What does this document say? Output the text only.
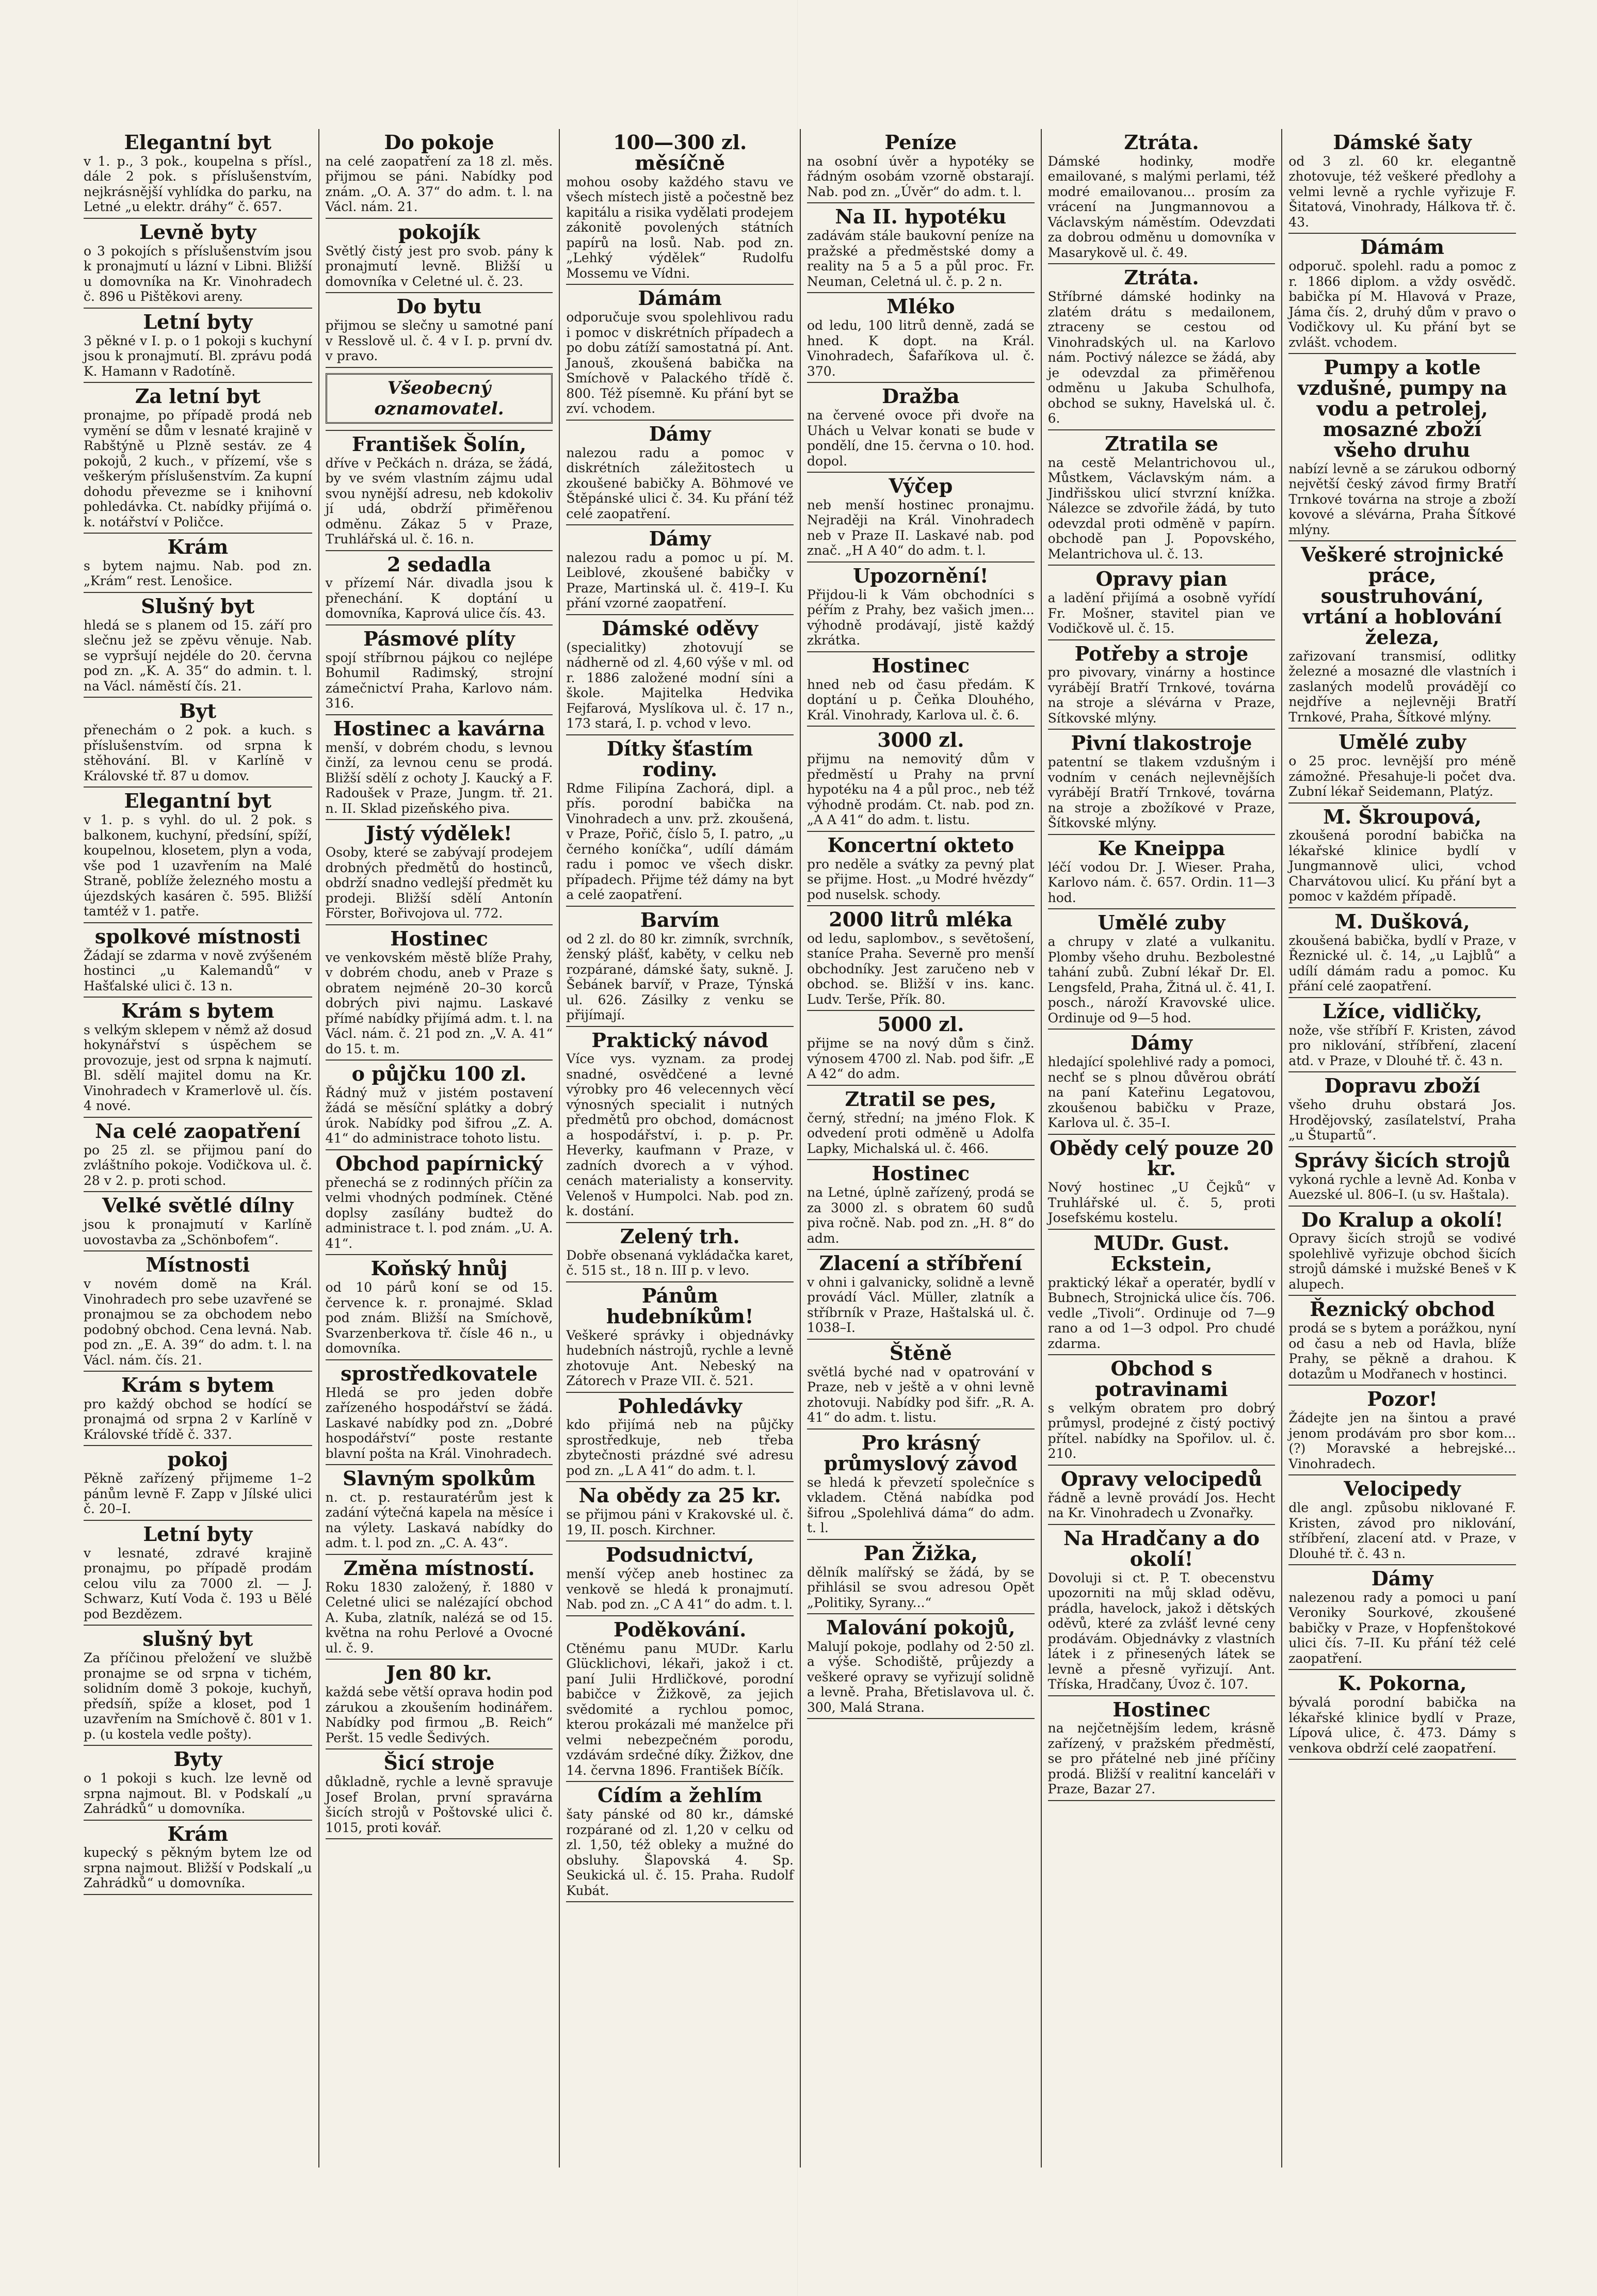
Elegantní byt

v 1. p., 3 pok., koupelna s přísl., dále 2 pok. s příslušenstvím, nejkrásnější vyhlídka do parku, na Letné „u elektr. dráhy“ č. 657.

Levně byty

o 3 pokojích s příslušenstvím jsou k pronajmutí u lázní v Libni. Bližší u domovníka na Kr. Vinohradech č. 896 u Pištěkovi areny.

Letní byty

3 pěkné v I. p. o 1 pokoji s kuchyní jsou k pronajmutí. Bl. zprávu podá K. Hamann v Radotíně.

Za letní byt

pronajme, po případě prodá neb vymění se dům v lesnaté krajině v Rabštýně u Plzně sestáv. ze 4 pokojů, 2 kuch., v přízemí, vše s veškerým příslušenstvím. Za kupní dohodu převezme se i knihovní pohledávka. Ct. nabídky přijímá o. k. notářství v Poličce.

Krám

s bytem najmu. Nab. pod zn. „Krám“ rest. Lenošice.

Slušný byt

hledá se s planem od 15. září pro slečnu jež se zpěvu věnuje. Nab. se vypršují nejdéle do 20. června pod zn. „K. A. 35“ do admin. t. l. na Václ. náměstí čís. 21.

Byt

přenechám o 2 pok. a kuch. s příslušenstvím. od srpna k stěhování. Bl. v Karlíně v Královské tř. 87 u domov.

Elegantní byt

v 1. p. s vyhl. do ul. 2 pok. s balkonem, kuchyní, předsíní, spíží, koupelnou, klosetem, plyn a voda, vše pod 1 uzavřením na Malé Straně, poblíže železného mostu a újezdských kasáren č. 595. Bližší tamtéž v 1. patře.

spolkové místnosti

Žádají se zdarma v nově zvýšeném hostinci „u Kalemandů“ v Hašťalské ulici č. 13 n.

Krám s bytem

s velkým sklepem v němž až dosud hokynářství s úspěchem se provozuje, jest od srpna k najmutí. Bl. sdělí majitel domu na Kr. Vinohradech v Kramerlově ul. čís. 4 nové.

Na celé zaopatření

po 25 zl. se přijmou paní do zvláštního pokoje. Vodičkova ul. č. 28 v 2. p. proti schod.

Velké světlé dílny

jsou k pronajmutí v Karlíně uovostavba za „Schönbofem“.

Místnosti

v novém domě na Král. Vinohradech pro sebe uzavřené se pronajmou se za obchodem nebo podobný obchod. Cena levná. Nab. pod zn. „E. A. 39“ do adm. t. l. na Václ. nám. čís. 21.

Krám s bytem

pro každý obchod se hodící se pronajmá od srpna 2 v Karlíně v Královské třídě č. 337.

pokoj

Pěkně zařízený přijmeme 1–2 pánům levně F. Zapp v Jílské ulici č. 20–I.

Letní byty

v lesnaté, zdravé krajině pronajmu, po případě prodám celou vilu za 7000 zl. — J. Schwarz, Kutí Voda č. 193 u Bělé pod Bezdězem.

slušný byt

Za příčinou přeložení ve službě pronajme se od srpna v tichém, solidním domě 3 pokoje, kuchyň, předsíň, spíže a kloset, pod 1 uzavřením na Smíchově č. 801 v 1. p. (u kostela vedle pošty).

Byty

o 1 pokoji s kuch. lze levně od srpna najmout. Bl. v Podskalí „u Zahrádků“ u domovníka.

Krám

kupecký s pěkným bytem lze od srpna najmout. Bližší v Podskalí „u Zahrádků“ u domovníka.

Do pokoje

na celé zaopatření za 18 zl. měs. přijmou se páni. Nabídky pod znám. „O. A. 37“ do adm. t. l. na Václ. nám. 21.

pokojík

Světlý čistý jest pro svob. pány k pronajmutí levně. Bližší u domovníka v Celetné ul. č. 23.

Do bytu

přijmou se slečny u samotné paní v Resslově ul. č. 4 v I. p. první dv. v pravo.

Všeobecný oznamovatel.
František Šolín,

dříve v Pečkách n. dráza, se žádá, by ve svém vlastním zájmu udal svou nynější adresu, neb kdokoliv jí udá, obdrží přiměřenou odměnu. Zákaz 5 v Praze, Truhlářská ul. č. 16. n.

2 sedadla

v přízemí Nár. divadla jsou k přenechání. K doptání u domovníka, Kaprová ulice čís. 43.

Pásmové plíty

spojí stříbrnou pájkou co nejlépe Bohumil Radimský, strojní zámečnictví Praha, Karlovo nám. 316.

Hostinec a kavárna

menší, v dobrém chodu, s levnou činží, za levnou cenu se prodá. Bližší sdělí z ochoty J. Kaucký a F. Radoušek v Praze, Jungm. tř. 21. n. II. Sklad pizeňského piva.

Jistý výdělek!

Osoby, které se zabývají prodejem drobných předmětů do hostinců, obdrží snadno vedlejší předmět ku prodeji. Bližší sdělí Antonín Förster, Bořivojova ul. 772.

Hostinec

ve venkovském městě blíže Prahy, v dobrém chodu, aneb v Praze s obratem nejméně 20–30 korců dobrých pivi najmu. Laskavé přímé nabídky přijímá adm. t. l. na Václ. nám. č. 21 pod zn. „V. A. 41“ do 15. t. m.

o půjčku 100 zl.

Řádný muž v jistém postavení žádá se měsíční splátky a dobrý úrok. Nabídky pod šifrou „Z. A. 41“ do administrace tohoto listu.

Obchod papírnický

přenechá se z rodinných příčin za velmi vhodných podmínek. Ctěné doplsy zasílány budtež do administrace t. l. pod znám. „U. A. 41“.

Koňský hnůj

od 10 párů koní se od 15. července k. r. pronajmé. Sklad pod znám. Bližší na Smíchově, Svarzenberkova tř. čísle 46 n., u domovníka.

sprostředkovatele

Hledá se pro jeden dobře zařízeného hospodářství se žádá. Laskavé nabídky pod zn. „Dobré hospodářství“ poste restante blavní pošta na Král. Vinohradech.

Slavným spolkům

n. ct. p. restauratérům jest k zadání výtečná kapela na měsíce i na výlety. Laskavá nabídky do adm. t. l. pod zn. „C. A. 43“.

Změna místností.

Roku 1830 založený, ř. 1880 v Celetné ulici se nalézající obchod A. Kuba, zlatník, nalézá se od 15. května na rohu Perlové a Ovocné ul. č. 9.

Jen 80 kr.

každá sebe větší oprava hodin pod zárukou a zkoušením hodinářem. Nabídky pod firmou „B. Reich“ Peršt. 15 vedle Šedivých.

Šicí stroje

důkladně, rychle a levně spravuje Josef Brolan, první spravárna šicích strojů v Poštovské ulici č. 1015, proti kovář.

100—300 zl. měsíčně

mohou osoby každého stavu ve všech místech jistě a počestně bez kapitálu a risika vydělati prodejem zákonitě povolených státních papírů na losů. Nab. pod zn. „Lehký výdělek“ Rudolfu Mossemu ve Vídni.

Dámám

odporučuje svou spolehlivou radu i pomoc v diskrétních případech a po dobu zátíží samostatná pí. Ant. Janouš, zkoušená babička na Smíchově v Palackého třídě č. 800. Též písemně. Ku přání byt se zví. vchodem.

Dámy

nalezou radu a pomoc v diskrétních záležitostech u zkoušené babičky A. Böhmové ve Štěpánské ulici č. 34. Ku přání též celé zaopatření.

Dámy

nalezou radu a pomoc u pí. M. Leiblové, zkoušené babičky v Praze, Martinská ul. č. 419–I. Ku přání vzorné zaopatření.

Dámské oděvy

(specialitky) zhotovují se nádherně od zl. 4,60 výše v ml. od r. 1886 založené modní síni a škole. Majitelka Hedvika Fejfarová, Myslíkova ul. č. 17 n., 173 stará, I. p. vchod v levo.

Dítky šťastím rodiny.

Rdme Filipína Zachorá, dipl. a přís. porodní babička na Vinohradech a unv. prž. zkoušená, v Praze, Pořič, číslo 5, I. patro, „u černého koníčka“, udílí dámám radu i pomoc ve všech diskr. případech. Přijme též dámy na byt a celé zaopatření.

Barvím

od 2 zl. do 80 kr. zimník, svrchník, ženský plášť, kaběty, v celku neb rozpárané, dámské šaty, sukně. J. Šebánek barvíř, v Praze, Týnská ul. 626. Zásilky z venku se přijímají.

Praktický návod

Více vys. vyznam. za prodej snadné, osvědčené a levné výrobky pro 46 velecennych věcí výnosných specialit i nutných předmětů pro obchod, domácnost a hospodářství, i. p. p. Pr. Heverky, kaufmann v Praze, v zadních dvorech a v výhod. cenách materialisty a konservity. Velenoš v Humpolci. Nab. pod zn. k. dostání.

Zelený trh.

Dobře obsenaná vykládačka karet, č. 515 st., 18 n. III p. v levo.

Pánům hudebníkům!

Veškeré správky i objednávky hudebních nástrojů, rychle a levně zhotovuje Ant. Nebeský na Zátorech v Praze VII. č. 521.

Pohledávky

kdo přijímá neb na půjčky sprostředkuje, neb třeba zbytečnosti prázdné své adresu pod zn. „L A 41“ do adm. t. l.

Na obědy za 25 kr.

se přijmou páni v Krakovské ul. č. 19, II. posch. Kirchner.

Podsudnictví,

menší výčep aneb hostinec za venkově se hledá k pronajmutí. Nab. pod zn. „C A 41“ do adm. t. l.

Poděkování.

Ctěnému panu MUDr. Karlu Glücklichovi, lékaři, jakož i ct. paní Julii Hrdličkové, porodní babičce v Žižkově, za jejich svědomité a rychlou pomoc, kterou prokázali mé manželce při velmi nebezpečném porodu, vzdávám srdečné díky. Žižkov, dne 14. června 1896. František Bíčík.

Cídím a žehlím

šaty pánské od 80 kr., dámské rozpárané od zl. 1,20 v celku od zl. 1,50, též obleky a mužné do obsluhy. Šlapovská 4. Sp. Seukická ul. č. 15. Praha. Rudolf Kubát.

Peníze

na osobní úvěr a hypotéky se řádným osobám vzorně obstarají. Nab. pod zn. „Úvěr“ do adm. t. l.

Na II. hypotéku

zadávám stále baukovní peníze na pražské a předměstské domy a reality na 5 a 5 a půl proc. Fr. Neuman, Celetná ul. č. p. 2 n.

Mléko

od ledu, 100 litrů denně, zadá se hned. K dopt. na Král. Vinohradech, Šafaříkova ul. č. 370.

Dražba

na červené ovoce při dvoře na Uhách u Velvar konati se bude v pondělí, dne 15. června o 10. hod. dopol.

Výčep

neb menší hostinec pronajmu. Nejraději na Král. Vinohradech neb v Praze II. Laskavé nab. pod znač. „H A 40“ do adm. t. l.

Upozornění!

Přijdou-li k Vám obchodníci s péřím z Prahy, bez vašich jmen... výhodně prodávají, jistě každý zkrátka.

Hostinec

hned neb od času předám. K doptání u p. Čeňka Dlouhého, Král. Vinohrady, Karlova ul. č. 6.

3000 zl.

přijmu na nemovitý dům v předměstí u Prahy na první hypotéku na 4 a půl proc., neb též výhodně prodám. Ct. nab. pod zn. „A A 41“ do adm. t. listu.

Koncertní okteto

pro neděle a svátky za pevný plat se přijme. Host. „u Modré hvězdy“ pod nuselsk. schody.

2000 litrů mléka

od ledu, saplombov., s sevětošení, staníce Praha. Severně pro menší obchodníky. Jest zaručeno neb v obchod. se. Bližší v ins. kanc. Ludv. Terše, Přík. 80.

5000 zl.

přijme se na nový dům s činž. výnosem 4700 zl. Nab. pod šifr. „E A 42“ do adm.

Ztratil se pes,

černý, střední; na jméno Flok. K odvedení proti odměně u Adolfa Lapky, Michalská ul. č. 466.

Hostinec

na Letné, úplně zařízený, prodá se za 3000 zl. s obratem 60 sudů piva ročně. Nab. pod zn. „H. 8“ do adm.

Zlacení a stříbření

v ohni i galvanicky, solidně a levně provádí Václ. Müller, zlatník a stříbrník v Praze, Haštalská ul. č. 1038–I.

Štěně

světlá byché nad v opatrování v Praze, neb v ještě a v ohni levně zhotovuji. Nabídky pod šifr. „R. A. 41“ do adm. t. listu.

Pro krásný průmyslový závod

se hledá k převzetí společníce s vkladem. Ctěná nabídka pod šifrou „Spolehlivá dáma“ do adm. t. l.

Pan Žižka,

dělník malířský se žádá, by se přihlásil se svou adresou Opět „Politiky, Syrany...“

Malování pokojů,

Malují pokoje, podlahy od 2·50 zl. a výše. Schodiště, průjezdy a veškeré opravy se vyřizují solidně a levně. Praha, Břetislavova ul. č. 300, Malá Strana.

Ztráta.

Dámské hodinky, modře emailované, s malými perlami, též modré emailovanou... prosím za vrácení na Jungmannovou a Václavským náměstím. Odevzdati za dobrou odměnu u domovníka v Masarykově ul. č. 49.

Ztráta.

Stříbrné dámské hodinky na zlatém drátu s medailonem, ztraceny se cestou od Vinohradských ul. na Karlovo nám. Poctivý nálezce se žádá, aby je odevzdal za přiměřenou odměnu u Jakuba Schulhofa, obchod se sukny, Havelská ul. č. 6.

Ztratila se

na cestě Melantrichovou ul., Můstkem, Václavským nám. a Jindřišskou ulicí stvrzní knížka. Nálezce se zdvořile žádá, by tuto odevzdal proti odměně v papírn. obchodě pan J. Popovského, Melantrichova ul. č. 13.

Opravy pian

a ladění přijímá a osobně vyřídí Fr. Mošner, stavitel pian ve Vodičkově ul. č. 15.

Potřeby a stroje

pro pivovary, vinárny a hostince vyrábějí Bratří Trnkové, továrna na stroje a slévárna v Praze, Sítkovské mlýny.

Pivní tlakostroje

patentní se tlakem vzdušným i vodním v cenách nejlevnějších vyrábějí Bratří Trnkové, továrna na stroje a zbožíkové v Praze, Šítkovské mlýny.

Ke Kneippa

léčí vodou Dr. J. Wieser. Praha, Karlovo nám. č. 657. Ordin. 11—3 hod.

Umělé zuby

a chrupy v zlaté a vulkanitu. Plomby všeho druhu. Bezbolestné tahání zubů. Zubní lékař Dr. El. Lengsfeld, Praha, Žitná ul. č. 41, I. posch., nároží Kravovské ulice. Ordinuje od 9—5 hod.

Dámy

hledající spolehlivé rady a pomoci, nechť se s plnou důvěrou obrátí na paní Kateřinu Legatovou, zkoušenou babičku v Praze, Karlova ul. č. 35–I.

Obědy celý pouze 20 kr.

Nový hostinec „U Čejků“ v Truhlářské ul. č. 5, proti Josefskému kostelu.

MUDr. Gust. Eckstein,

praktický lékař a operatér, bydlí v Bubnech, Strojnická ulice čís. 706. vedle „Tivoli“. Ordinuje od 7—9 rano a od 1—3 odpol. Pro chudé zdarma.

Obchod s potravinami

s velkým obratem pro dobrý průmysl, prodejné z čistý poctivý přítel. nabídky na Spořilov. ul. č. 210.

Opravy velocipedů

řádně a levně provádí Jos. Hecht na Kr. Vinohradech u Zvonařky.

Na Hradčany a do okolí!

Dovoluji si ct. P. T. obecenstvu upozorniti na můj sklad oděvu, prádla, havelock, jakož i dětských oděvů, které za zvlášť levné ceny prodávám. Objednávky z vlastních látek i z přinesených látek se levně a přesně vyřizují. Ant. Tříska, Hradčany, Úvoz č. 107.

Hostinec

na nejčetnějším ledem, krásně zařízený, v pražském předměstí, se pro přátelné neb jiné příčiny prodá. Bližší v realitní kanceláři v Praze, Bazar 27.

Dámské šaty

od 3 zl. 60 kr. elegantně zhotovuje, též veškeré předlohy a velmi levně a rychle vyřizuje F. Šitatová, Vinohrady, Hálkova tř. č. 43.

Dámám

odporuč. spolehl. radu a pomoc z r. 1866 diplom. a vždy osvědč. babička pí M. Hlavová v Praze, Jáma čís. 2, druhý dům v pravo o Vodičkovy ul. Ku přání byt se zvlášt. vchodem.

Pumpy a kotle vzdušné, pumpy na vodu a petrolej, mosazné zboží všeho druhu

nabízí levně a se zárukou odborný největší český závod firmy Bratří Trnkové továrna na stroje a zboží kovové a slévárna, Praha Šítkové mlýny.

Veškeré strojnické práce, soustruhování, vrtání a hoblování železa,

zařizovaní transmisí, odlitky železné a mosazné dle vlastních i zaslaných modelů provádějí co nejdříve a nejlevněji Bratří Trnkové, Praha, Šítkové mlýny.

Umělé zuby

o 25 proc. levnější pro méně zámožné. Přesahuje-li počet dva. Zubní lékař Seidemann, Platýz.

M. Škroupová,

zkoušená porodní babička na lékařské klinice bydlí v Jungmannově ulici, vchod Charvátovou ulicí. Ku přání byt a pomoc v každém případě.

M. Dušková,

zkoušená babička, bydlí v Praze, v Řeznické ul. č. 14, „u Lajblů“ a udílí dámám radu a pomoc. Ku přání celé zaopatření.

Lžíce, vidličky,

nože, vše stříbří F. Kristen, závod pro niklování, stříbření, zlacení atd. v Praze, v Dlouhé tř. č. 43 n.

Dopravu zboží

všeho druhu obstará Jos. Hrodějovský, zasílatelství, Praha „u Štupartů“.

Správy šicích strojů

vykoná rychle a levně Ad. Konba v Auezské ul. 806–I. (u sv. Haštala).

Do Kralup a okolí!

Opravy šicích strojů se vodivé spolehlivě vyřizuje obchod šicích strojů dámské i mužské Beneš v K alupech.

Řeznický obchod

prodá se s bytem a porážkou, nyní od času a neb od Havla, blíže Prahy, se pěkně a drahou. K dotazům u Modřanech v hostinci.

Pozor!

Žádejte jen na šintou a pravé jenom prodávám pro sbor kom...(?) Moravské a hebrejské... Vinohradech.

Velocipedy

dle angl. způsobu niklované F. Kristen, závod pro niklování, stříbření, zlacení atd. v Praze, v Dlouhé tř. č. 43 n.

Dámy

nalezenou rady a pomoci u paní Veroniky Sourkové, zkoušené babičky v Praze, v Hopfenštokové ulici čís. 7–II. Ku přání též celé zaopatření.

K. Pokorna,

bývalá porodní babička na lékařské klinice bydlí v Praze, Lípová ulice, č. 473. Dámy s venkova obdrží celé zaopatření.
